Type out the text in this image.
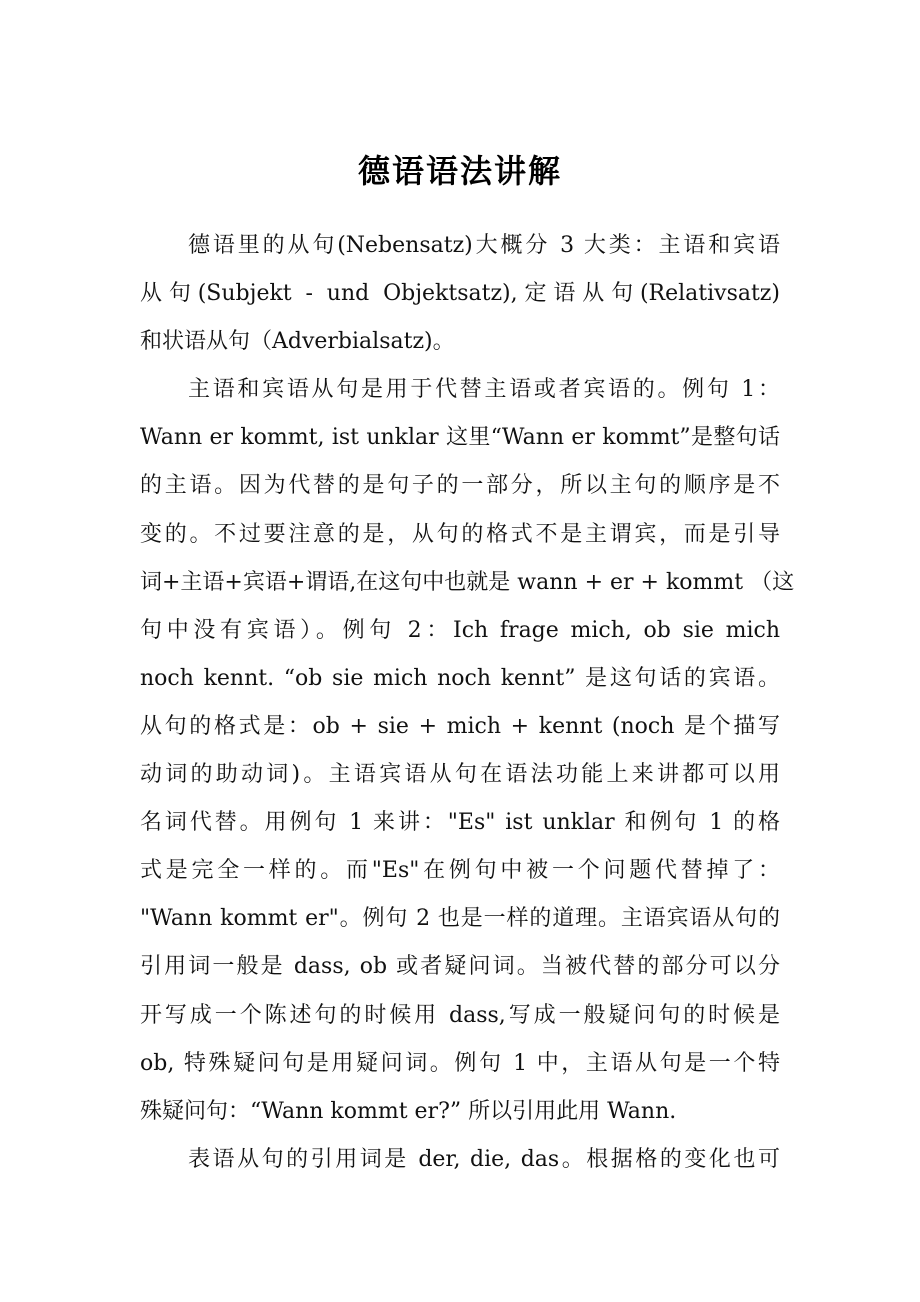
德语语法讲解
德语里的从句(Nebensatz)大概分 3 大类：主语和宾语
从句(Subjekt - und Objektsatz),定语从句(Relativsatz)
和状语从句（Adverbialsatz)。
主语和宾语从句是用于代替主语或者宾语的。例句 1：
Wann er kommt, ist unklar 这里“Wann er kommt”是整句话
的主语。因为代替的是句子的一部分，所以主句的顺序是不
变的。不过要注意的是，从句的格式不是主谓宾，而是引导
词+主语+宾语+谓语,在这句中也就是 wann + er + kommt （这
句中没有宾语）。例句 2：Ich frage mich, ob sie mich
noch kennt. “ob sie mich noch kennt” 是这句话的宾语。
从句的格式是：ob + sie + mich + kennt (noch 是个描写
动词的助动词)。主语宾语从句在语法功能上来讲都可以用
名词代替。用例句 1 来讲："Es" ist unklar 和例句 1 的格
式是完全一样的。而"Es"在例句中被一个问题代替掉了：
"Wann kommt er"。例句 2 也是一样的道理。主语宾语从句的
引用词一般是 dass, ob 或者疑问词。当被代替的部分可以分
开写成一个陈述句的时候用 dass,写成一般疑问句的时候是
ob, 特殊疑问句是用疑问词。例句 1 中，主语从句是一个特
殊疑问句：“Wann kommt er?” 所以引用此用 Wann.
表语从句的引用词是 der, die, das。根据格的变化也可
